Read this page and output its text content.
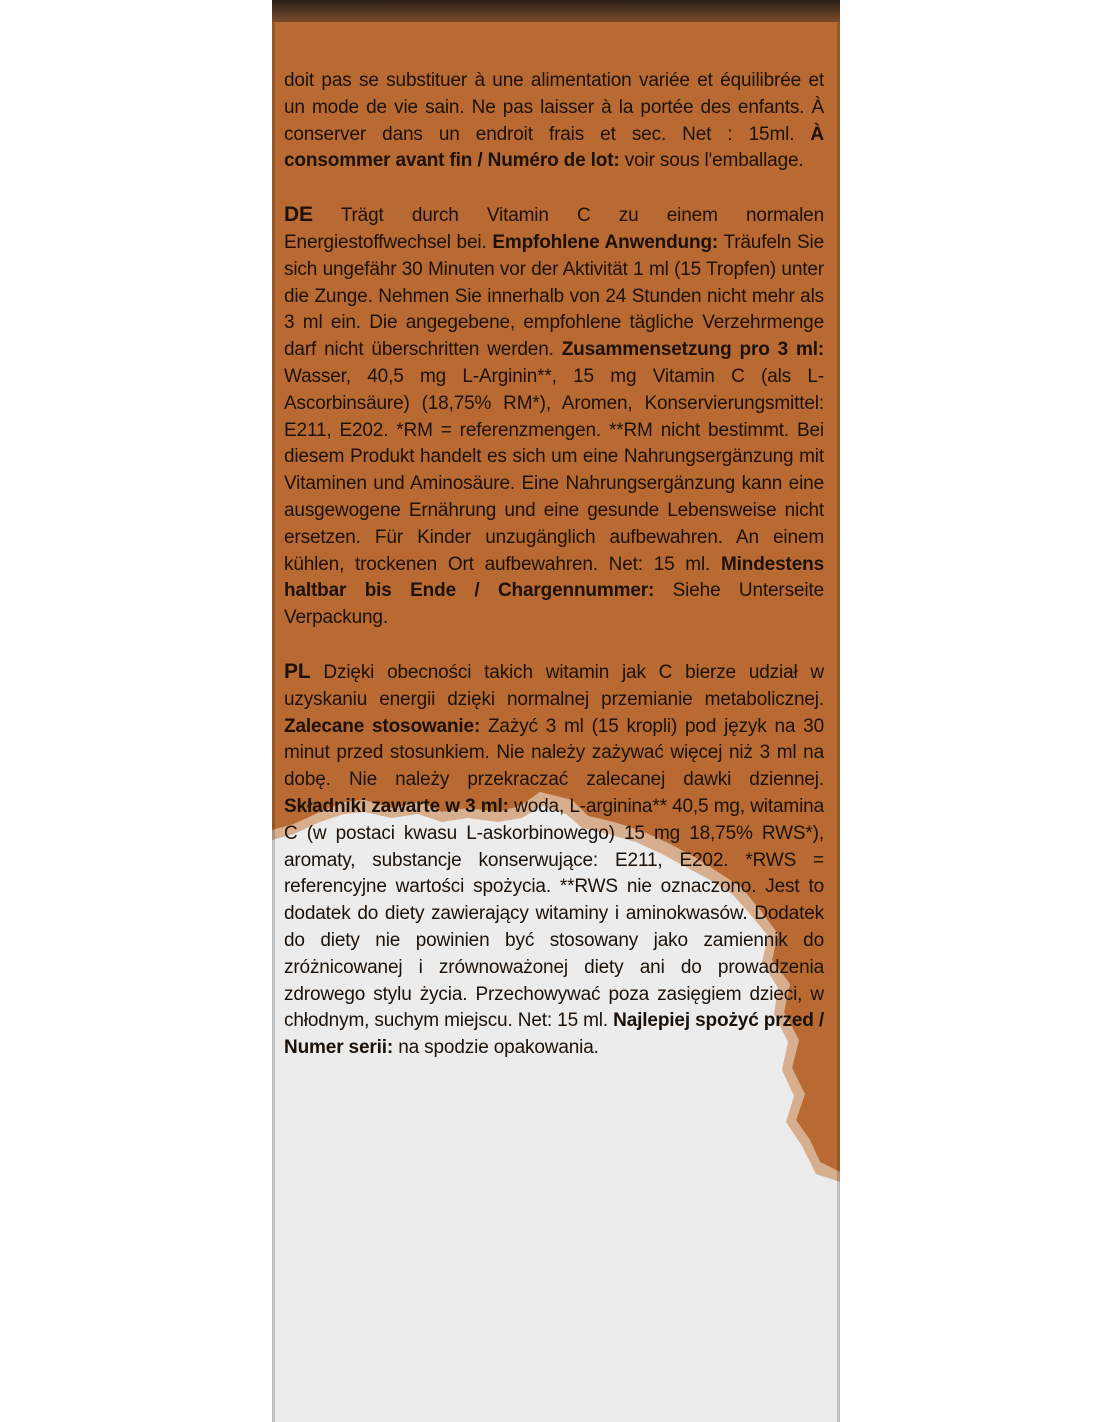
doit pas se substituer à une alimentation variée et équilibrée et un mode de vie sain. Ne pas laisser à la portée des enfants. À conserver dans un endroit frais et sec. Net : 15ml. À consommer avant fin / Numéro de lot: voir sous l'emballage.

DE Trägt durch Vitamin C zu einem normalen Energiestoffwechsel bei. Empfohlene Anwendung: Träufeln Sie sich ungefähr 30 Minuten vor der Aktivität 1 ml (15 Tropfen) unter die Zunge. Nehmen Sie innerhalb von 24 Stunden nicht mehr als 3 ml ein. Die angegebene, empfohlene tägliche Verzehrmenge darf nicht überschritten werden. Zusammensetzung pro 3 ml: Wasser, 40,5 mg L-Arginin**, 15 mg Vitamin C (als L-Ascorbinsäure) (18,75% RM*), Aromen, Konservierungsmittel: E211, E202. *RM = referenzmengen. **RM nicht bestimmt. Bei diesem Produkt handelt es sich um eine Nahrungsergänzung mit Vitaminen und Aminosäure. Eine Nahrungsergänzung kann eine ausgewogene Ernährung und eine gesunde Lebensweise nicht ersetzen. Für Kinder unzugänglich aufbewahren. An einem kühlen, trockenen Ort aufbewahren. Net: 15 ml. Mindestens haltbar bis Ende / Chargennummer: Siehe Unterseite Verpackung.

PL Dzięki obecności takich witamin jak C bierze udział w uzyskaniu energii dzięki normalnej przemianie metabolicznej. Zalecane stosowanie: Zażyć 3 ml (15 kropli) pod język na 30 minut przed stosunkiem. Nie należy zażywać więcej niż 3 ml na dobę. Nie należy przekraczać zalecanej dawki dziennej. Składniki zawarte w 3 ml: woda, L-arginina** 40,5 mg, witamina C (w postaci kwasu L-askorbinowego) 15 mg 18,75% RWS*), aromaty, substancje konserwujące: E211, E202. *RWS = referencyjne wartości spożycia. **RWS nie oznaczono. Jest to dodatek do diety zawierający witaminy i aminokwasów. Dodatek do diety nie powinien być stosowany jako zamiennik do zróżnicowanej i zrównoważonej diety ani do prowadzenia zdrowego stylu życia. Przechowywać poza zasięgiem dzieci, w chłodnym, suchym miejscu. Net: 15 ml. Najlepiej spożyć przed / Numer serii: na spodzie opakowania.
